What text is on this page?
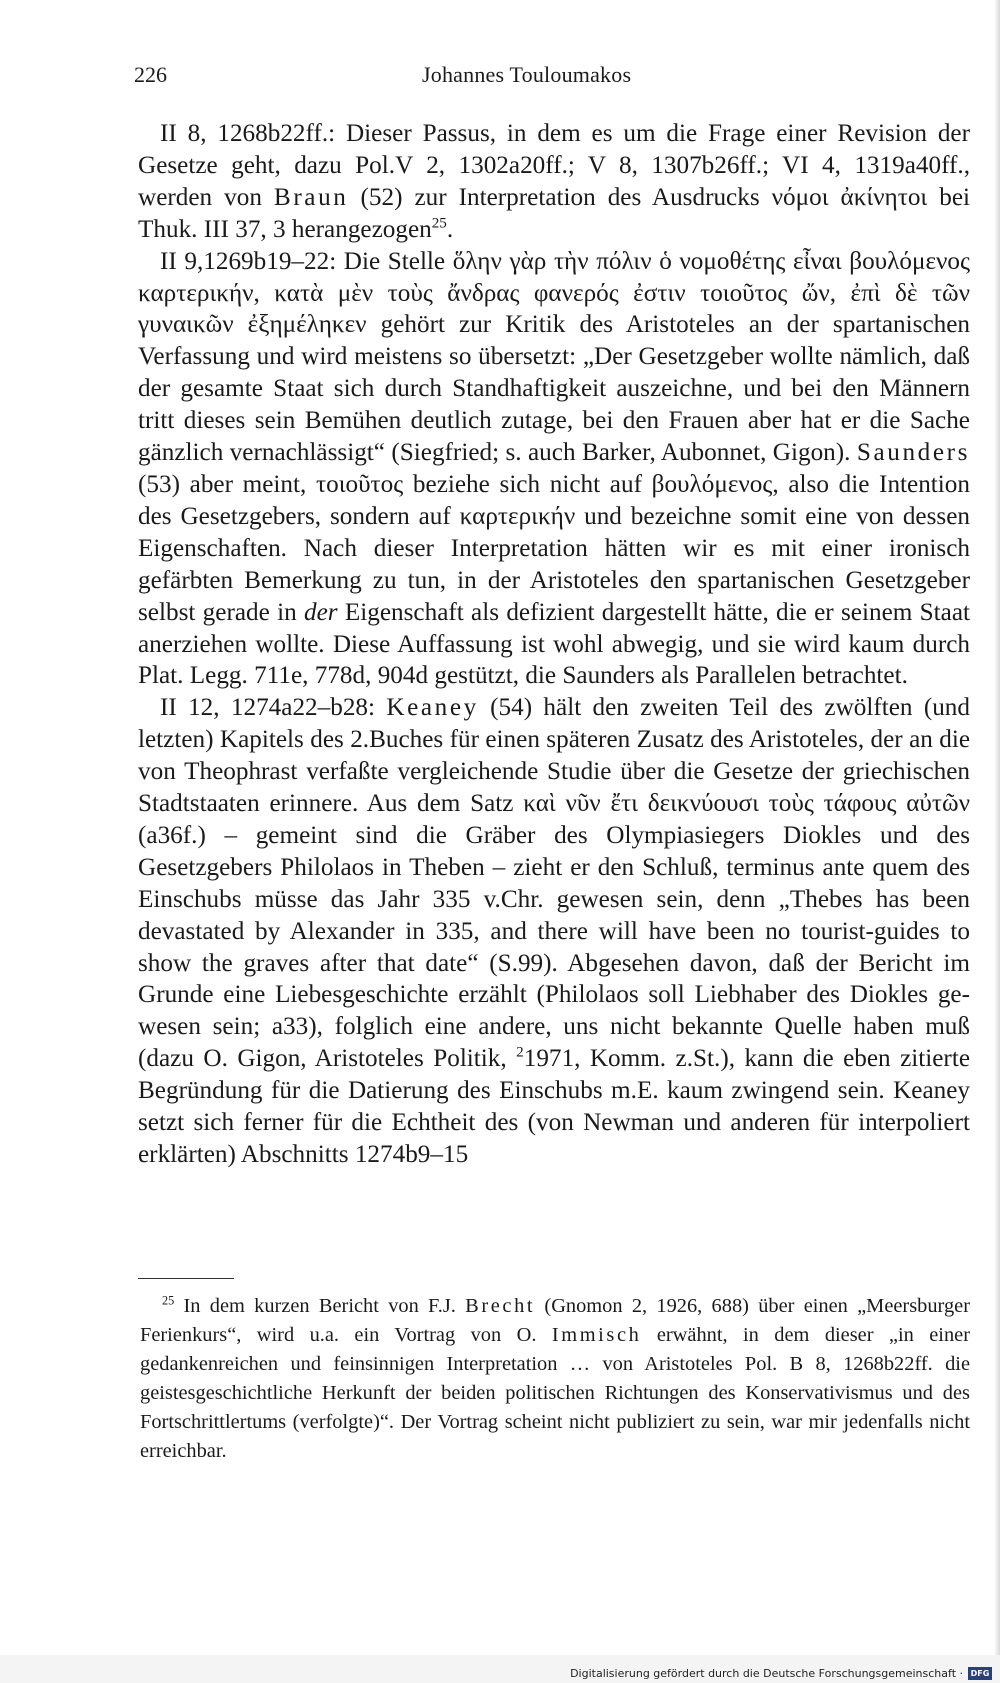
226	Johannes Touloumakos

II 8, 1268b22ff.: Dieser Passus, in dem es um die Frage einer Revision der Gesetze geht, dazu Pol.V 2, 1302a20ff.; V 8, 1307b26ff.; VI 4, 1319a40ff., werden von Braun (52) zur Interpretation des Ausdrucks νόμοι ἀκίνητοι bei Thuk. III 37, 3 herangezogen$^{25}$.

II 9,1269b19–22: Die Stelle ὅλην γὰρ τὴν πόλιν ὁ νομοθέτης εἶναι βουλόμενος καρτερικήν, κατὰ μὲν τοὺς ἄνδρας φανερός ἐστιν τοιοῦτος ὤν, ἐπὶ δὲ τῶν γυναικῶν ἐξημέληκεν gehört zur Kritik des Aristoteles an der spartanischen Verfassung und wird meistens so übersetzt: „Der Gesetzgeber wollte nämlich, daß der gesamte Staat sich durch Standhaftigkeit auszeichne, und bei den Männern tritt dieses sein Bemühen deutlich zutage, bei den Frauen aber hat er die Sache gänzlich vernachlässigt“ (Siegfried; s. auch Barker, Aubonnet, Gigon). Saunders (53) aber meint, τοιοῦτος beziehe sich nicht auf βουλόμενος, also die Intention des Gesetzgebers, sondern auf καρτερικήν und bezeichne somit eine von dessen Eigenschaften. Nach dieser Interpretation hätten wir es mit einer ironisch gefärbten Bemerkung zu tun, in der Aristoteles den spartanischen Gesetzgeber selbst gerade in der Eigenschaft als defizient dargestellt hätte, die er seinem Staat anerziehen wollte. Diese Auffassung ist wohl abwegig, und sie wird kaum durch Plat. Legg. 711e, 778d, 904d gestützt, die Saunders als Parallelen betrachtet.

II 12, 1274a22–b28: Keaney (54) hält den zweiten Teil des zwölften (und letzten) Kapitels des 2.Buches für einen späteren Zusatz des Aristoteles, der an die von Theophrast verfaßte vergleichende Studie über die Gesetze der griechischen Stadtstaaten erinnere. Aus dem Satz καὶ νῦν ἔτι δεικνύουσι τοὺς τάφους αὐτῶν (a36f.) – gemeint sind die Gräber des Olympiasiegers Diokles und des Gesetzgebers Philolaos in Theben – zieht er den Schluß, terminus ante quem des Einschubs müsse das Jahr 335 v.Chr. gewesen sein, denn „Thebes has been devastated by Alexander in 335, and there will have been no tourist-guides to show the graves after that date“ (S.99). Abgesehen davon, daß der Bericht im Grunde eine Liebesgeschichte erzählt (Philolaos soll Liebhaber des Diokles gewesen sein; a33), folglich eine andere, uns nicht bekannte Quelle haben muß (dazu O. Gigon, Aristoteles Politik, $^2$1971, Komm. z.St.), kann die eben zitierte Begründung für die Datierung des Einschubs m.E. kaum zwingend sein. Keaney setzt sich ferner für die Echtheit des (von Newman und anderen für interpoliert erklärten) Abschnitts 1274b9–15

$^{25}$ In dem kurzen Bericht von F.J. Brecht (Gnomon 2, 1926, 688) über einen „Meersburger Ferienkurs“, wird u.a. ein Vortrag von O. Immisch erwähnt, in dem dieser „in einer gedankenreichen und feinsinnigen Interpretation … von Aristoteles Pol. B 8, 1268b22ff. die geistesgeschichtliche Herkunft der beiden politischen Richtungen des Konservativismus und des Fortschrittlertums (verfolgte)“. Der Vortrag scheint nicht publiziert zu sein, war mir jedenfalls nicht erreichbar.

Digitalisierung gefördert durch die Deutsche Forschungsgemeinschaft · DFG
